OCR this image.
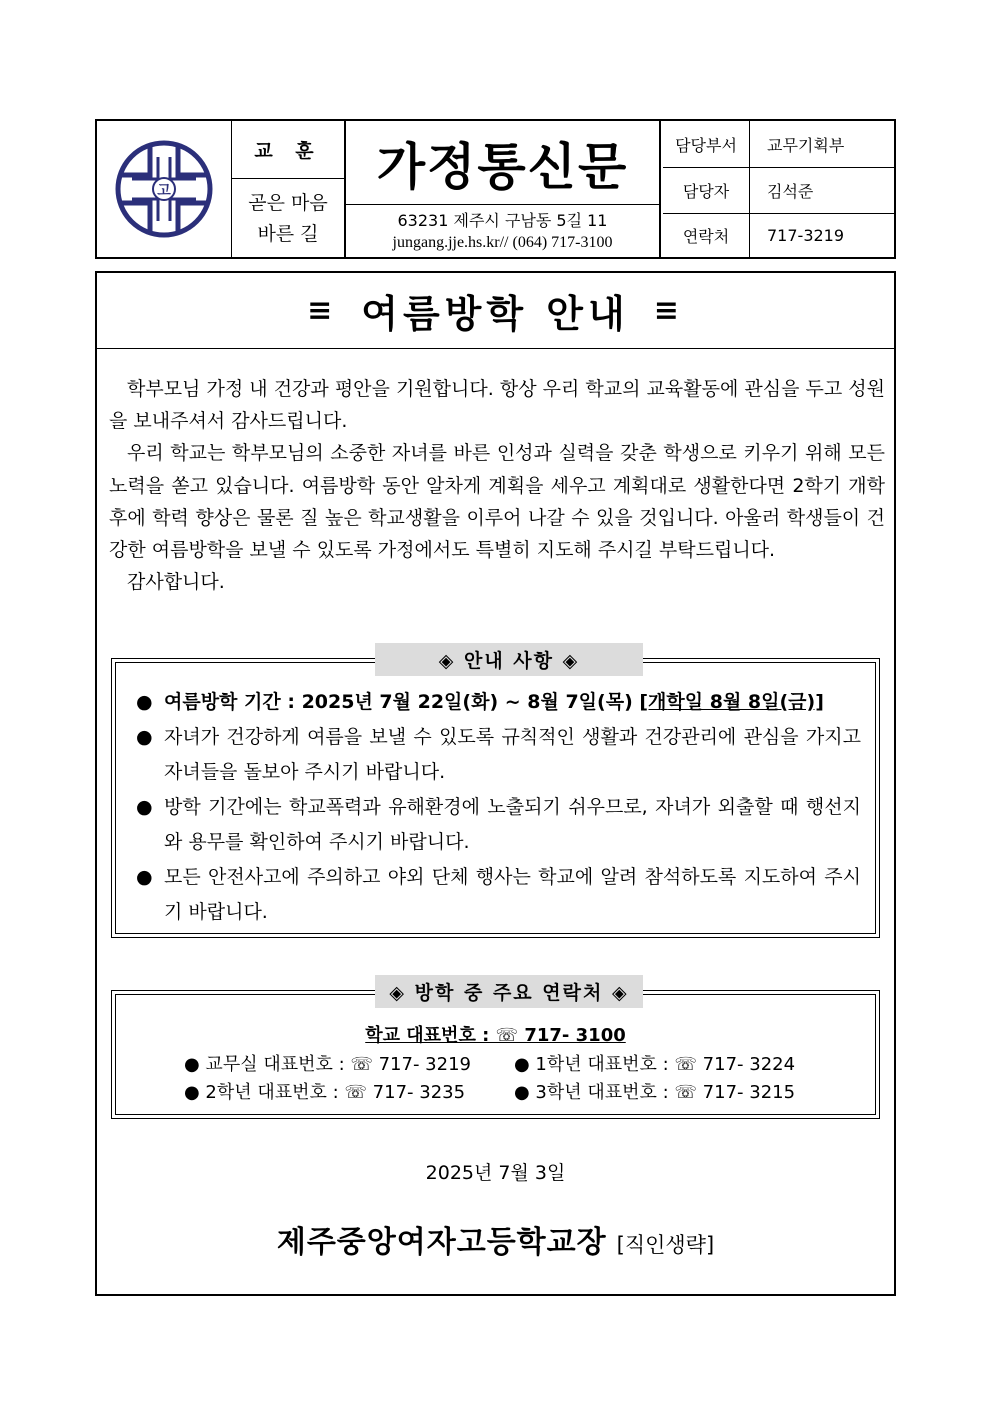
고
교 훈
곧은 마음
바른 길
가정통신문
63231 제주시 구남동 5길 11
jungang.jje.hs.kr// (064) 717-3100
담당부서	교무기획부
담당자	김석준
연락처	717-3219
≡ 여름방학 안내 ≡

학부모님 가정 내 건강과 평안을 기원합니다. 항상 우리 학교의 교육활동에 관심을 두고 성원을 보내주셔서 감사드립니다.

우리 학교는 학부모님의 소중한 자녀를 바른 인성과 실력을 갖춘 학생으로 키우기 위해 모든 노력을 쏟고 있습니다. 여름방학 동안 알차게 계획을 세우고 계획대로 생활한다면 2학기 개학 후에 학력 향상은 물론 질 높은 학교생활을 이루어 나갈 수 있을 것입니다. 아울러 학생들이 건강한 여름방학을 보낼 수 있도록 가정에서도 특별히 지도해 주시길 부탁드립니다.

감사합니다.

◈ 안내 사항 ◈
● 여름방학 기간 : 2025년 7월 22일(화) ~ 8월 7일(목) [개학일 8월 8일(금)]
● 자녀가 건강하게 여름을 보낼 수 있도록 규칙적인 생활과 건강관리에 관심을 가지고 자녀들을 돌보아 주시기 바랍니다.
● 방학 기간에는 학교폭력과 유해환경에 노출되기 쉬우므로, 자녀가 외출할 때 행선지와 용무를 확인하여 주시기 바랍니다.
● 모든 안전사고에 주의하고 야외 단체 행사는 학교에 알려 참석하도록 지도하여 주시기 바랍니다.
◈ 방학 중 주요 연락처 ◈
학교 대표번호 : ☏ 717- 3100
● 교무실 대표번호 : ☏ 717- 3219	● 1학년 대표번호 : ☏ 717- 3224
● 2학년 대표번호 : ☏ 717- 3235	● 3학년 대표번호 : ☏ 717- 3215
2025년 7월 3일
제주중앙여자고등학교장 [직인생략]
